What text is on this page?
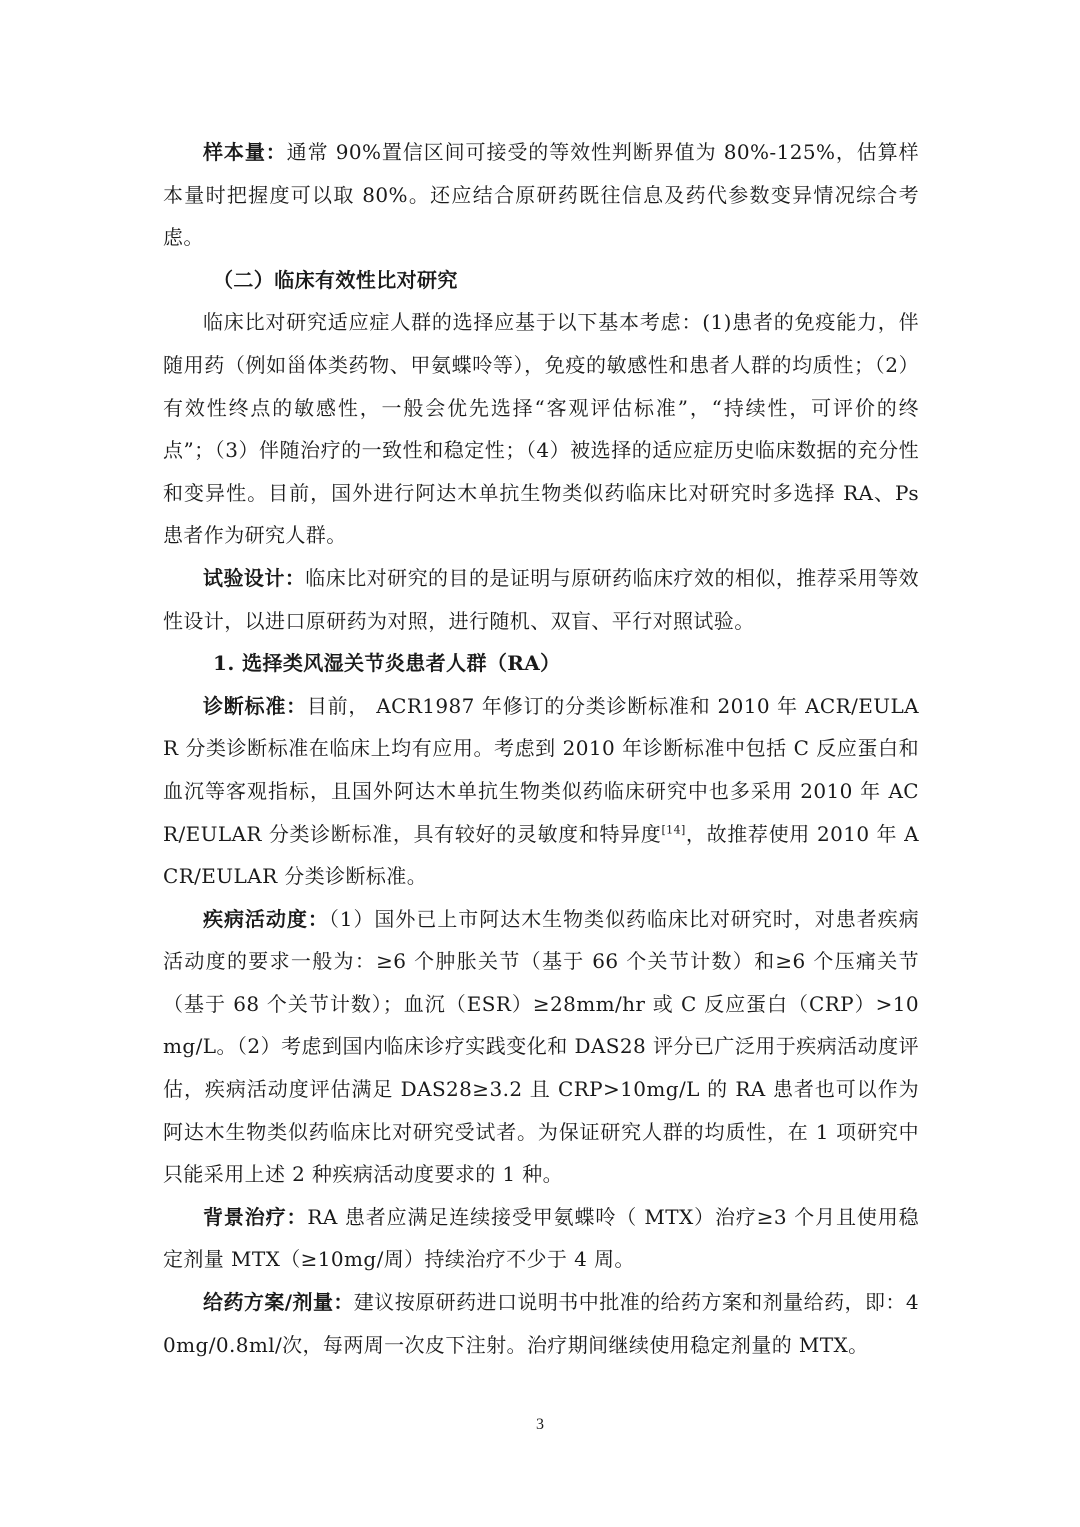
样本量：通常 90%置信区间可接受的等效性判断界值为 80%-125%，估算样本量时把握度可以取 80%。还应结合原研药既往信息及药代参数变异情况综合考虑。

（二）临床有效性比对研究

临床比对研究适应症人群的选择应基于以下基本考虑：(1)患者的免疫能力，伴随用药（例如甾体类药物、甲氨蝶呤等），免疫的敏感性和患者人群的均质性；（2）有效性终点的敏感性，一般会优先选择“客观评估标准”，“持续性，可评价的终点”；（3）伴随治疗的一致性和稳定性；（4）被选择的适应症历史临床数据的充分性和变异性。目前，国外进行阿达木单抗生物类似药临床比对研究时多选择 RA、Ps 患者作为研究人群。

试验设计：临床比对研究的目的是证明与原研药临床疗效的相似，推荐采用等效性设计，以进口原研药为对照，进行随机、双盲、平行对照试验。

1. 选择类风湿关节炎患者人群（RA）

诊断标准：目前， ACR1987 年修订的分类诊断标准和 2010 年 ACR/EULAR 分类诊断标准在临床上均有应用。考虑到 2010 年诊断标准中包括 C 反应蛋白和血沉等客观指标，且国外阿达木单抗生物类似药临床研究中也多采用 2010 年 ACR/EULAR 分类诊断标准，具有较好的灵敏度和特异度[14]，故推荐使用 2010 年 ACR/EULAR 分类诊断标准。

疾病活动度：（1）国外已上市阿达木生物类似药临床比对研究时，对患者疾病活动度的要求一般为：≥6 个肿胀关节（基于 66 个关节计数）和≥6 个压痛关节（基于 68 个关节计数）；血沉（ESR）≥28mm/hr 或 C 反应蛋白（CRP）>10mg/L。（2）考虑到国内临床诊疗实践变化和 DAS28 评分已广泛用于疾病活动度评估，疾病活动度评估满足 DAS28≥3.2 且 CRP>10mg/L 的 RA 患者也可以作为阿达木生物类似药临床比对研究受试者。为保证研究人群的均质性，在 1 项研究中只能采用上述 2 种疾病活动度要求的 1 种。

背景治疗：RA 患者应满足连续接受甲氨蝶呤（ MTX）治疗≥3 个月且使用稳定剂量 MTX（≥10mg/周）持续治疗不少于 4 周。

给药方案/剂量：建议按原研药进口说明书中批准的给药方案和剂量给药，即：40mg/0.8ml/次，每两周一次皮下注射。治疗期间继续使用稳定剂量的 MTX。

3
